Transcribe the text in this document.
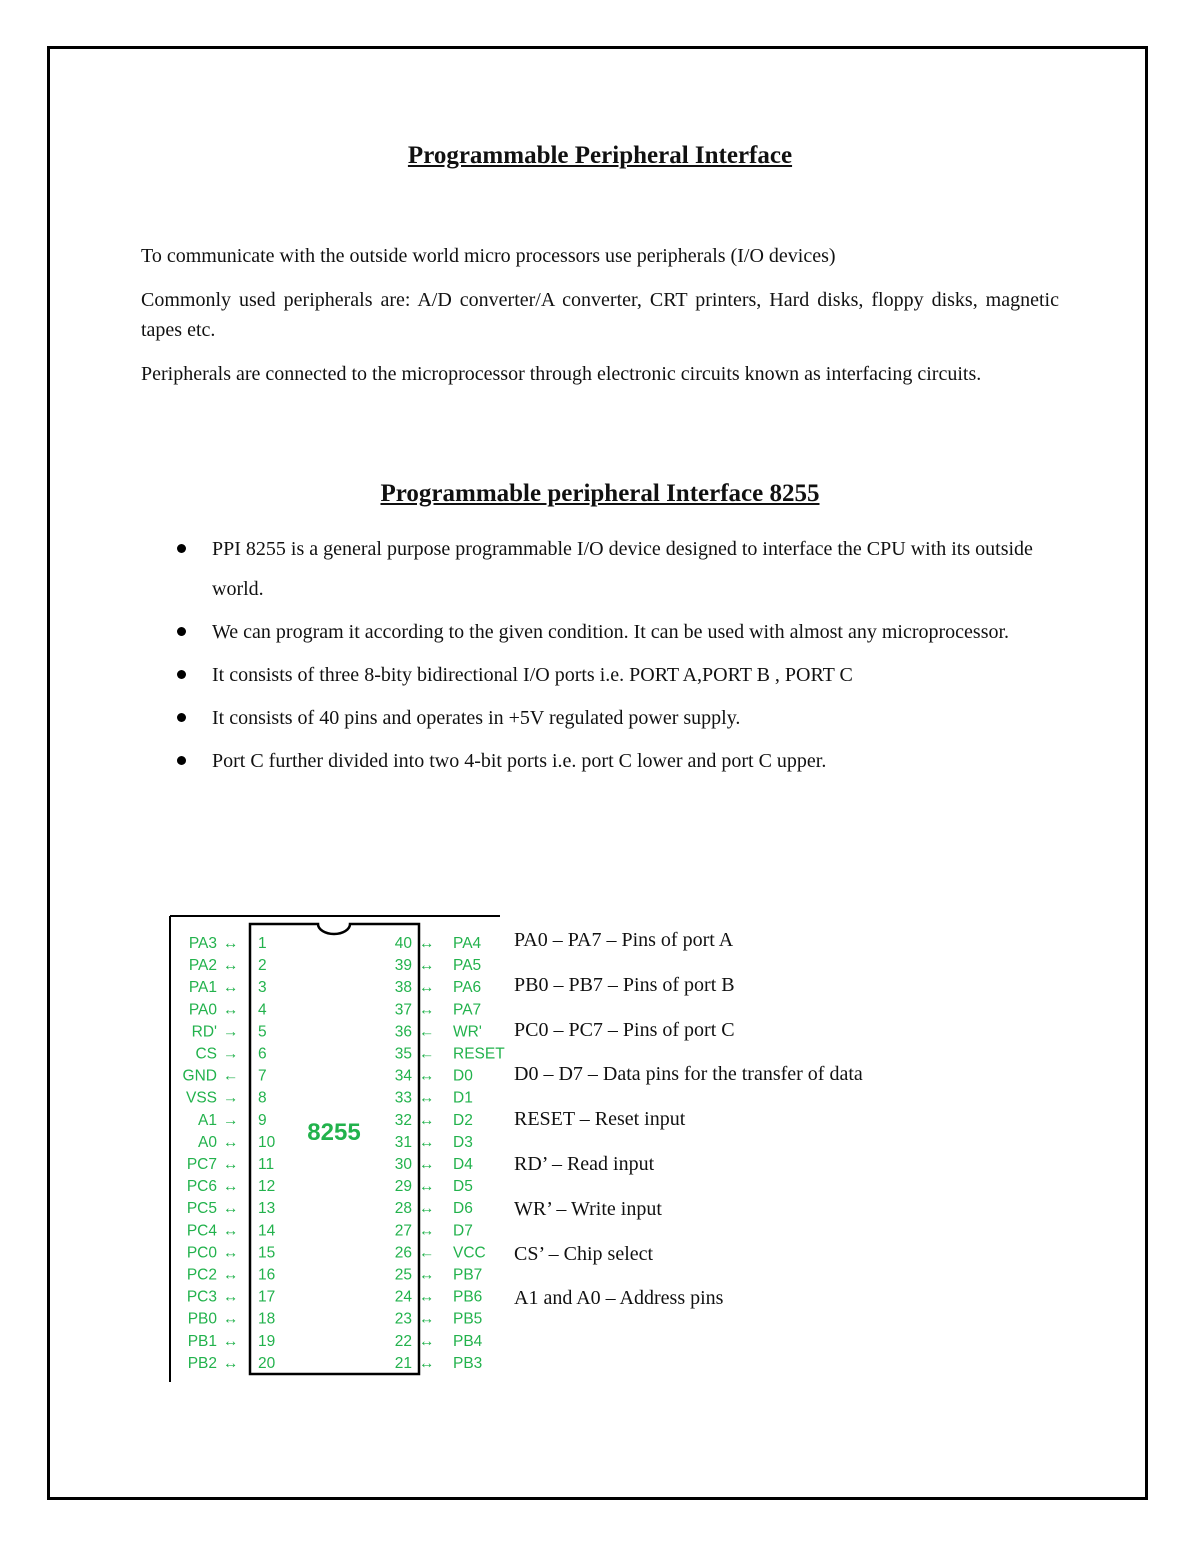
Programmable Peripheral Interface

To communicate with the outside world micro processors use peripherals (I/O devices)

Commonly used peripherals are: A/D converter/A converter, CRT printers, Hard disks, floppy disks, magnetic tapes etc.

Peripherals are connected to the microprocessor through electronic circuits known as interfacing circuits.

Programmable peripheral Interface 8255
PPI 8255 is a general purpose programmable I/O device designed to interface the CPU with its outside world.
We can program it according to the given condition. It can be used with almost any microprocessor.
It consists of three 8-bity bidirectional I/O ports i.e. PORT A,PORT B , PORT C
It consists of 40 pins and operates in +5V regulated power supply.
Port C further divided into two 4-bit ports i.e. port C lower and port C upper.
8255
PA3 ↔ 1
PA2 ↔ 2
PA1 ↔ 3
PA0 ↔ 4
RD' → 5
CS → 6
GND ← 7
VSS → 8
A1 → 9
A0 ↔ 10
PC7 ↔ 11
PC6 ↔ 12
PC5 ↔ 13
PC4 ↔ 14
PC0 ↔ 15
PC2 ↔ 16
PC3 ↔ 17
PB0 ↔ 18
PB1 ↔ 19
PB2 ↔ 20
40 ↔ PA4
39 ↔ PA5
38 ↔ PA6
37 ↔ PA7
36 ← WR'
35 ← RESET
34 ↔ D0
33 ↔ D1
32 ↔ D2
31 ↔ D3
30 ↔ D4
29 ↔ D5
28 ↔ D6
27 ↔ D7
26 ← VCC
25 ↔ PB7
24 ↔ PB6
23 ↔ PB5
22 ↔ PB4
21 ↔ PB3
PA0 – PA7 – Pins of port A
PB0 – PB7 – Pins of port B
PC0 – PC7 – Pins of port C
D0 – D7 – Data pins for the transfer of data
RESET – Reset input
RD’ – Read input
WR’ – Write input
CS’ – Chip select
A1 and A0 – Address pins
